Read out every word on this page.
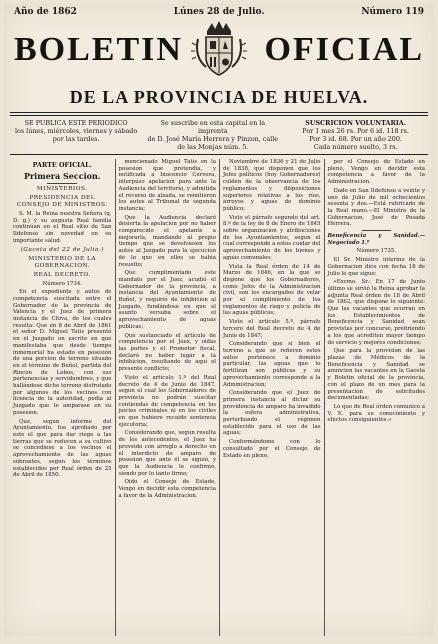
Año de 1862	Lúnes 28 de Julio.	Número 119
BOLETIN OFICIAL
DE LA PROVINCIA DE HUELVA.
SE PUBLICA ESTE PERIODICO
los lúnes, miércoles, viernes y sábado
por las tardes.
Se suscribe en esta capital en la imprenta
de D. José María Herrera y Pinzon, calle
de las Monjas núm. 5.
SUSCRICION VOLUNTARIA.
Por 1 mes 26 rs. Por 6 id. 118 rs.
Por 3 id. 68. Por un año 200.
Cada número suelto, 3 rs.

PARTE OFICIAL.

Primera Seccion.

MINISTERIOS.

PRESIDENCIA DEL CONSEJO DE MINISTROS.

S. M. la Reina nuestra Señora (q. D. g.) y su augusta Real familia continúan en el Real sitio de San Ildefonso sin novedad en su importante salud.

(Gaceta del 22 de Julio.)

MINISTERIO DE LA GOBERNACION.

REAL DECRETO.

Número 1734.

En el expediente y autos de competencia suscitada entre el Gobernador de la provincia de Valencia y el Juez de primera instancia de Chiva, de los cuales resulta: Que en 8 de Abril de 1861 el señor D. Miguel Tatis presentó en el Juzgado un escrito en que manifestaba que desde tiempo inmemorial ha estado en posesión de una porcion de terreno situado en el término de Buñol, partida del Rincon de Lobos, con sus pertenencias y servidumbres, y que hallándose dicho terreno disfrutado por algunos de los vecinos con licencia de la autoridad, pedia al Juzgado que le amparase en su posesion.

Que, segun informe del Ayuntamiento, fue aprobado por este el que para dar riego a las tierras que se reducen a su cultivo se concediese a los vecinos el aprovechamiento de las aguas sobrantes, segun los términos establecidos por Real órden de 25 de Abril de 1850.

mencionado Miguel Tatis en la posesion que pretendia, y notificada a Inocencio Cervera, interpuso apelacion para ante la Audiencia del territorio, y admitida el recurso de alzada, se remitieron los autos al Tribunal de segunda instancia;

Que la Audiencia declaró desierta la apelacion por no haber comparecido el apelante a mejorarla, mandando al propio tiempo que se devolviesen los autos al Juzgado para la ejecucion de lo que en ellos se había resuelto;

Que cumplimentado este mandato por el Juez, acudió el Gobernador de la provincia, a instancia del Ayuntamiento de Buñol, y requirió de inhibicion al Juzgado, fundándose en que el asunto versaba sobre el aprovechamiento de aguas públicas;

Que sustanciado el artículo de competencia por el Juez, y oidas las partes y el Promotor fiscal, declaró no haber lugar a la inhibicion, resultando de aquí el presente conflicto;

Visto el artículo 1.º del Real decreto de 4 de Junio de 1847, segun el cual los Gobernadores de provincia no podrán suscitar contiendas de competencia en los juicios criminales ni en los civiles en que hubiere recaido sentencia ejecutoria;

Considerando que, segun resulta de los antecedentes, el Juez ha proveido con arreglo a derecho en el interdicto de amparo de posesion que ante él se siguió, y que la Audiencia lo confirmó, siendo por lo tanto firme;

Oido el Consejo de Estado, Vengo en decidir esta competencia a favor de la Administracion.

Noviembre de 1836 y 21 de Julio de 1838, que disponen que los Jefes políticos (hoy Gobernadores) cuiden de la observancia de los reglamentos y disposiciones superiores relativas a los ríos, arroyos y aguas de dominio público;

Visto el párrafo segundo del art. 8.º de la ley de 8 de Enero de 1845 sobre organizacion y atribuciones de los Ayuntamientos, segun el cual corresponde a estos cuidar del aprovechamiento de los bienes y aguas comunales;

Vista la Real órden de 14 de Marzo de 1846, en la que se dispone que los Gobernadores, como Jefes de la Administracion civil, son los encargados de velar por el cumplimiento de los reglamentos de riego y policía de las aguas públicas;

Visto el artículo 5.º, párrafo tercero del Real decreto de 4 de Junio de 1847;

Considerando que si bien el terreno a que se refieren estos autos pertenece a dominio particular, las aguas que lo fertilizan son públicas y su aprovechamiento corresponde a la Administracion;

Considerando que el Juez de primera instancia al dictar su providencia de amparo ha invadido la esfera administrativa, perturbando el régimen establecido para el uso de las aguas;

Conformándome con lo consultado por el Consejo de Estado en pleno,

por el Consejo de Estado en pleno, Vengo en decidir esta competencia a favor de la Administracion.

Dado en San Ildefonso a veinte y uno de Julio de mil ochocientos sesenta y dos.—Está rubricado de la Real mano.—El Ministro de la Gobernacion, José de Posada Herrera.

Beneficencia y Sanidad.—Negociado 1.º

Número 1735.

El Sr. Ministro interino de la Gobernacion dice con fecha 18 de Julio lo que sigue:

«Excmo. Sr.: En 17 de Junio último se sirvió la Reina aprobar la adjunta Real órden de 18 de Abril de 1862, que dispone lo siguiente: Que las vacantes que ocurran en los Establecimientos de Beneficencia y Sanidad sean provistas por concurso, prefiriendo a los que acrediten mayor tiempo de servicio y mejores condiciones;

Que para la provision de las plazas de Médicos de la Beneficencia y Sanidad se anuncien las vacantes en la Gaceta y Boletin oficial de la provincia, con el plazo de un mes para la presentacion de solicitudes documentadas;

Lo que de Real órden comunico a V. E. para su conocimiento y efectos consiguientes.»
